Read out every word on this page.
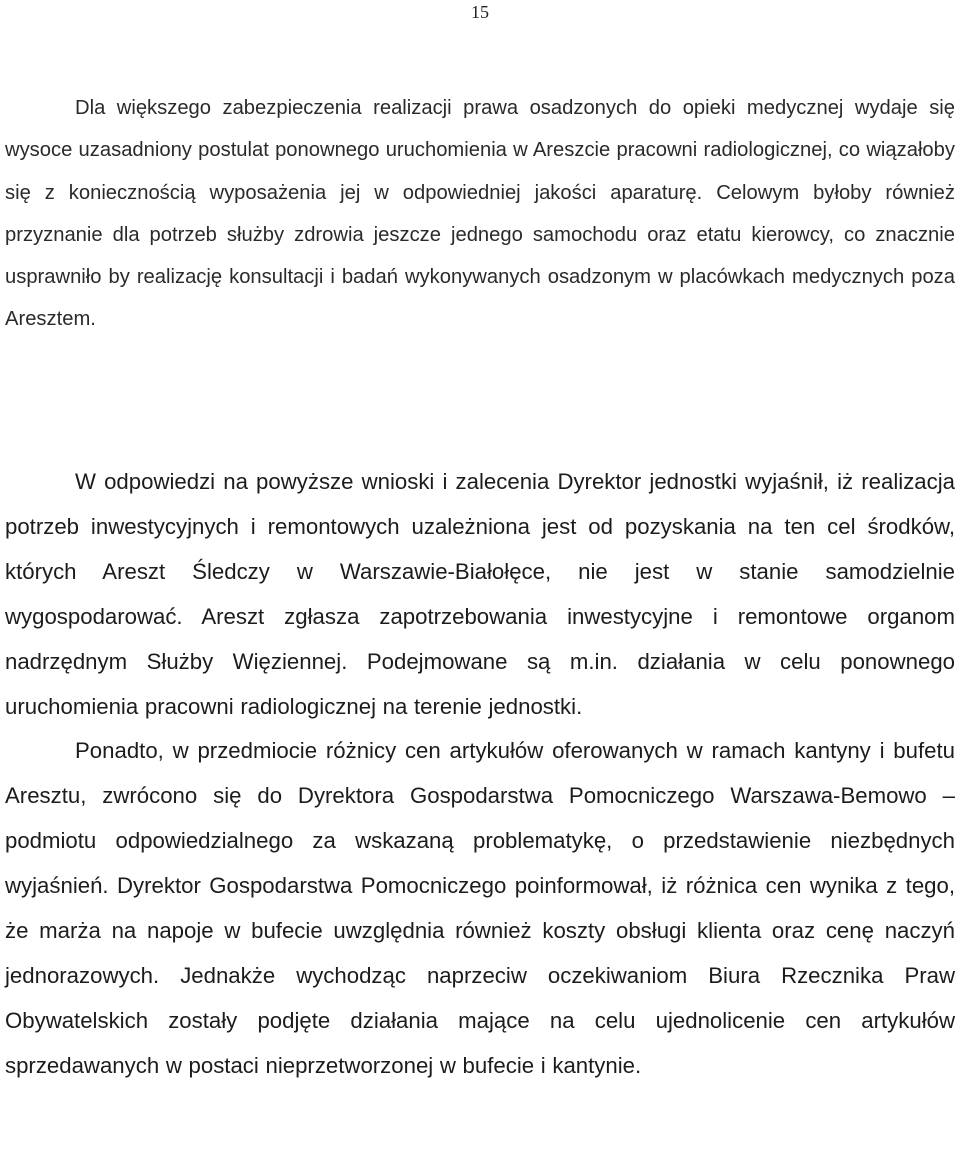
15

Dla większego zabezpieczenia realizacji prawa osadzonych do opieki medycznej wydaje się wysoce uzasadniony postulat ponownego uruchomienia w Areszcie pracowni radiologicznej, co wiązałoby się z koniecznością wyposażenia jej w odpowiedniej jakości aparaturę. Celowym byłoby również przyznanie dla potrzeb służby zdrowia jeszcze jednego samochodu oraz etatu kierowcy, co znacznie usprawniło by realizację konsultacji i badań wykonywanych osadzonym w placówkach medycznych poza Aresztem.

W odpowiedzi na powyższe wnioski i zalecenia Dyrektor jednostki wyjaśnił, iż realizacja potrzeb inwestycyjnych i remontowych uzależniona jest od pozyskania na ten cel środków, których Areszt Śledczy w Warszawie-Białołęce, nie jest w stanie samodzielnie wygospodarować. Areszt zgłasza zapotrzebowania inwestycyjne i remontowe organom nadrzędnym Służby Więziennej. Podejmowane są m.in. działania w celu ponownego uruchomienia pracowni radiologicznej na terenie jednostki.

Ponadto, w przedmiocie różnicy cen artykułów oferowanych w ramach kantyny i bufetu Aresztu, zwrócono się do Dyrektora Gospodarstwa Pomocniczego Warszawa-Bemowo – podmiotu odpowiedzialnego za wskazaną problematykę, o przedstawienie niezbędnych wyjaśnień. Dyrektor Gospodarstwa Pomocniczego poinformował, iż różnica cen wynika z tego, że marża na napoje w bufecie uwzględnia również koszty obsługi klienta oraz cenę naczyń jednorazowych. Jednakże wychodząc naprzeciw oczekiwaniom Biura Rzecznika Praw Obywatelskich zostały podjęte działania mające na celu ujednolicenie cen artykułów sprzedawanych w postaci nieprzetworzonej w bufecie i kantynie.
